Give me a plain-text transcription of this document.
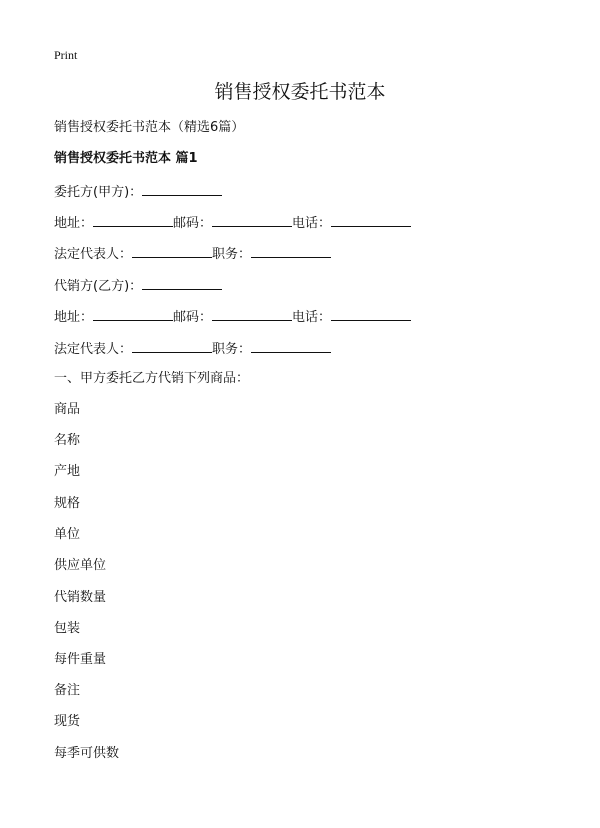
Print
销售授权委托书范本
销售授权委托书范本（精选6篇）
销售授权委托书范本 篇1
委托方(甲方)：
地址：	邮码：	电话：
法定代表人：	职务：
代销方(乙方)：
地址：	邮码：	电话：
法定代表人：	职务：
一、甲方委托乙方代销下列商品：
商品
名称
产地
规格
单位
供应单位
代销数量
包装
每件重量
备注
现货
每季可供数
